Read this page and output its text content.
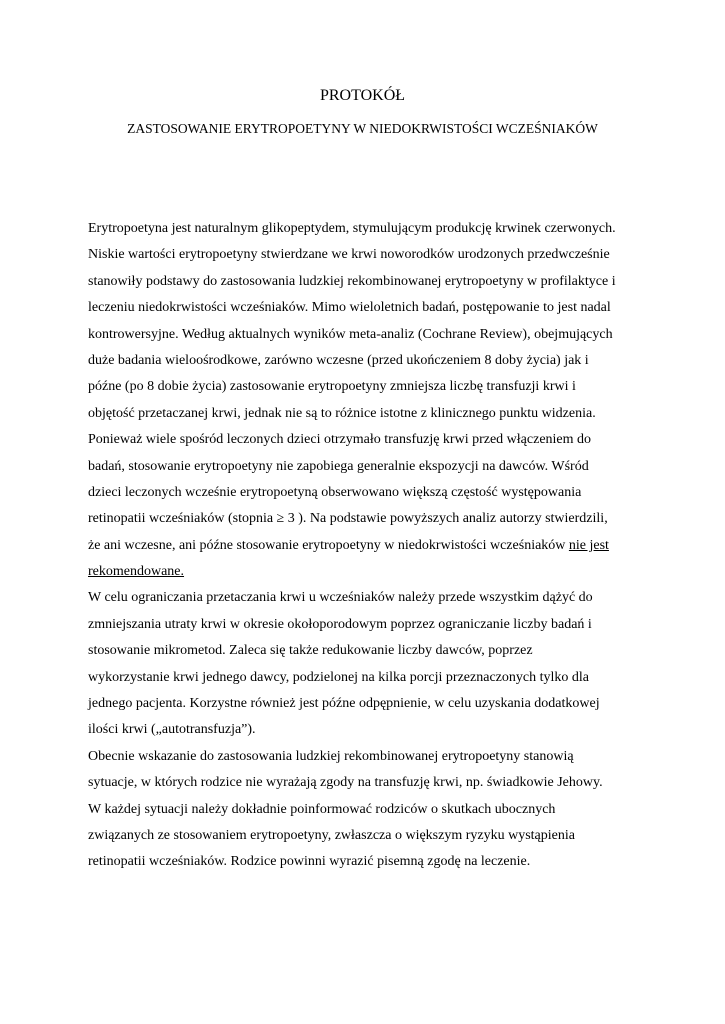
PROTOKÓŁ
ZASTOSOWANIE ERYTROPOETYNY W NIEDOKRWISTOŚCI WCZEŚNIAKÓW
Erytropoetyna jest naturalnym glikopeptydem, stymulującym produkcję krwinek czerwonych.
Niskie wartości erytropoetyny stwierdzane we krwi noworodków urodzonych przedwcześnie
stanowiły podstawy do zastosowania ludzkiej rekombinowanej erytropoetyny w profilaktyce i
leczeniu niedokrwistości wcześniaków. Mimo wieloletnich badań, postępowanie to jest nadal
kontrowersyjne. Według aktualnych wyników meta-analiz (Cochrane Review), obejmujących
duże badania wieloośrodkowe, zarówno wczesne (przed ukończeniem 8 doby życia) jak i
późne (po 8 dobie życia) zastosowanie erytropoetyny zmniejsza liczbę transfuzji krwi i
objętość przetaczanej krwi, jednak nie są to różnice istotne z klinicznego punktu widzenia.
Ponieważ wiele spośród leczonych dzieci otrzymało transfuzję krwi przed włączeniem do
badań, stosowanie erytropoetyny nie zapobiega generalnie ekspozycji na dawców. Wśród
dzieci leczonych wcześnie erytropoetyną obserwowano większą częstość występowania
retinopatii wcześniaków (stopnia ≥ 3 ). Na podstawie powyższych analiz autorzy stwierdzili,
że ani wczesne, ani późne stosowanie erytropoetyny w niedokrwistości wcześniaków nie jest
rekomendowane.
W celu ograniczania przetaczania krwi u wcześniaków należy przede wszystkim dążyć do
zmniejszania utraty krwi w okresie okołoporodowym poprzez ograniczanie liczby badań i
stosowanie mikrometod. Zaleca się także redukowanie liczby dawców, poprzez
wykorzystanie krwi jednego dawcy, podzielonej na kilka porcji przeznaczonych tylko dla
jednego pacjenta. Korzystne również jest późne odpępnienie, w celu uzyskania dodatkowej
ilości krwi („autotransfuzja”).
Obecnie wskazanie do zastosowania ludzkiej rekombinowanej erytropoetyny stanowią
sytuacje, w których rodzice nie wyrażają zgody na transfuzję krwi, np. świadkowie Jehowy.
W każdej sytuacji należy dokładnie poinformować rodziców o skutkach ubocznych
związanych ze stosowaniem erytropoetyny, zwłaszcza o większym ryzyku wystąpienia
retinopatii wcześniaków. Rodzice powinni wyrazić pisemną zgodę na leczenie.
